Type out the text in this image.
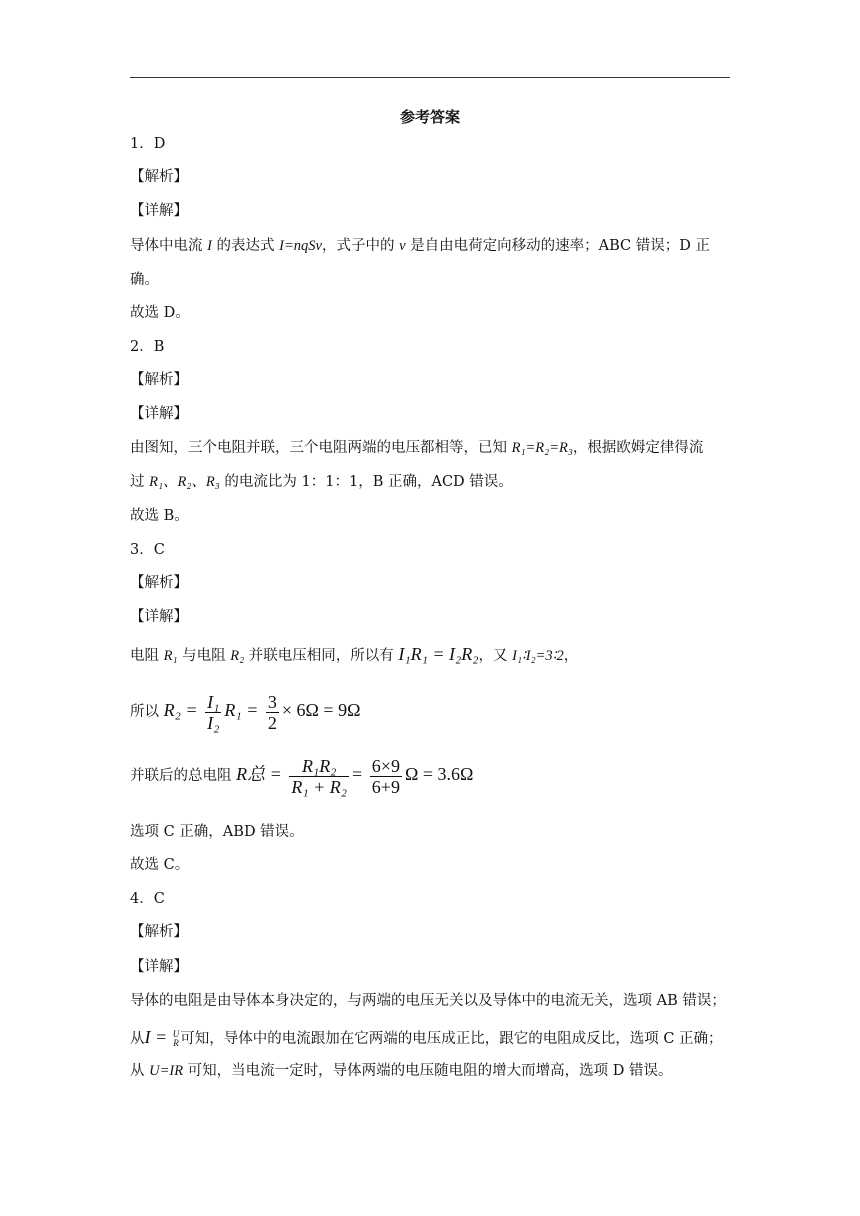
参考答案
1．D
【解析】
【详解】
导体中电流 I 的表达式 I=nqSv，式子中的 v 是自由电荷定向移动的速率；ABC 错误；D 正
确。
故选 D。
2．B
【解析】
【详解】
由图知，三个电阻并联，三个电阻两端的电压都相等，已知 R₁=R₂=R₃，根据欧姆定律得流
过 R₁、R₂、R₃ 的电流比为 1：1：1，B 正确，ACD 错误。
故选 B。
3．C
【解析】
【详解】
电阻 R₁ 与电阻 R₂ 并联电压相同，所以有 I₁R₁ = I₂R₂，又 I₁∶I₂=3∶2，
所以 $R_2 = \frac{\text{I₁}}{\text{I₂}} R_1 = \frac{3}{2} \times 6\Omega = 9\Omega$
并联后的总电阻 R总 = $\frac{\text{R₁R₂}}{\text{R₁ + R₂}} = \frac{6\times 9}{6+9}$ Ω = 3.6Ω
选项 C 正确，ABD 错误。
故选 C。
4．C
【解析】
【详解】
导体的电阻是由导体本身决定的，与两端的电压无关以及导体中的电流无关，选项 AB 错误；
从I = U
R 可知，导体中的电流跟加在它两端的电压成正比，跟它的电阻成反比，选项 C 正确；
从 U=IR 可知，当电流一定时，导体两端的电压随电阻的增大而增高，选项 D 错误。
